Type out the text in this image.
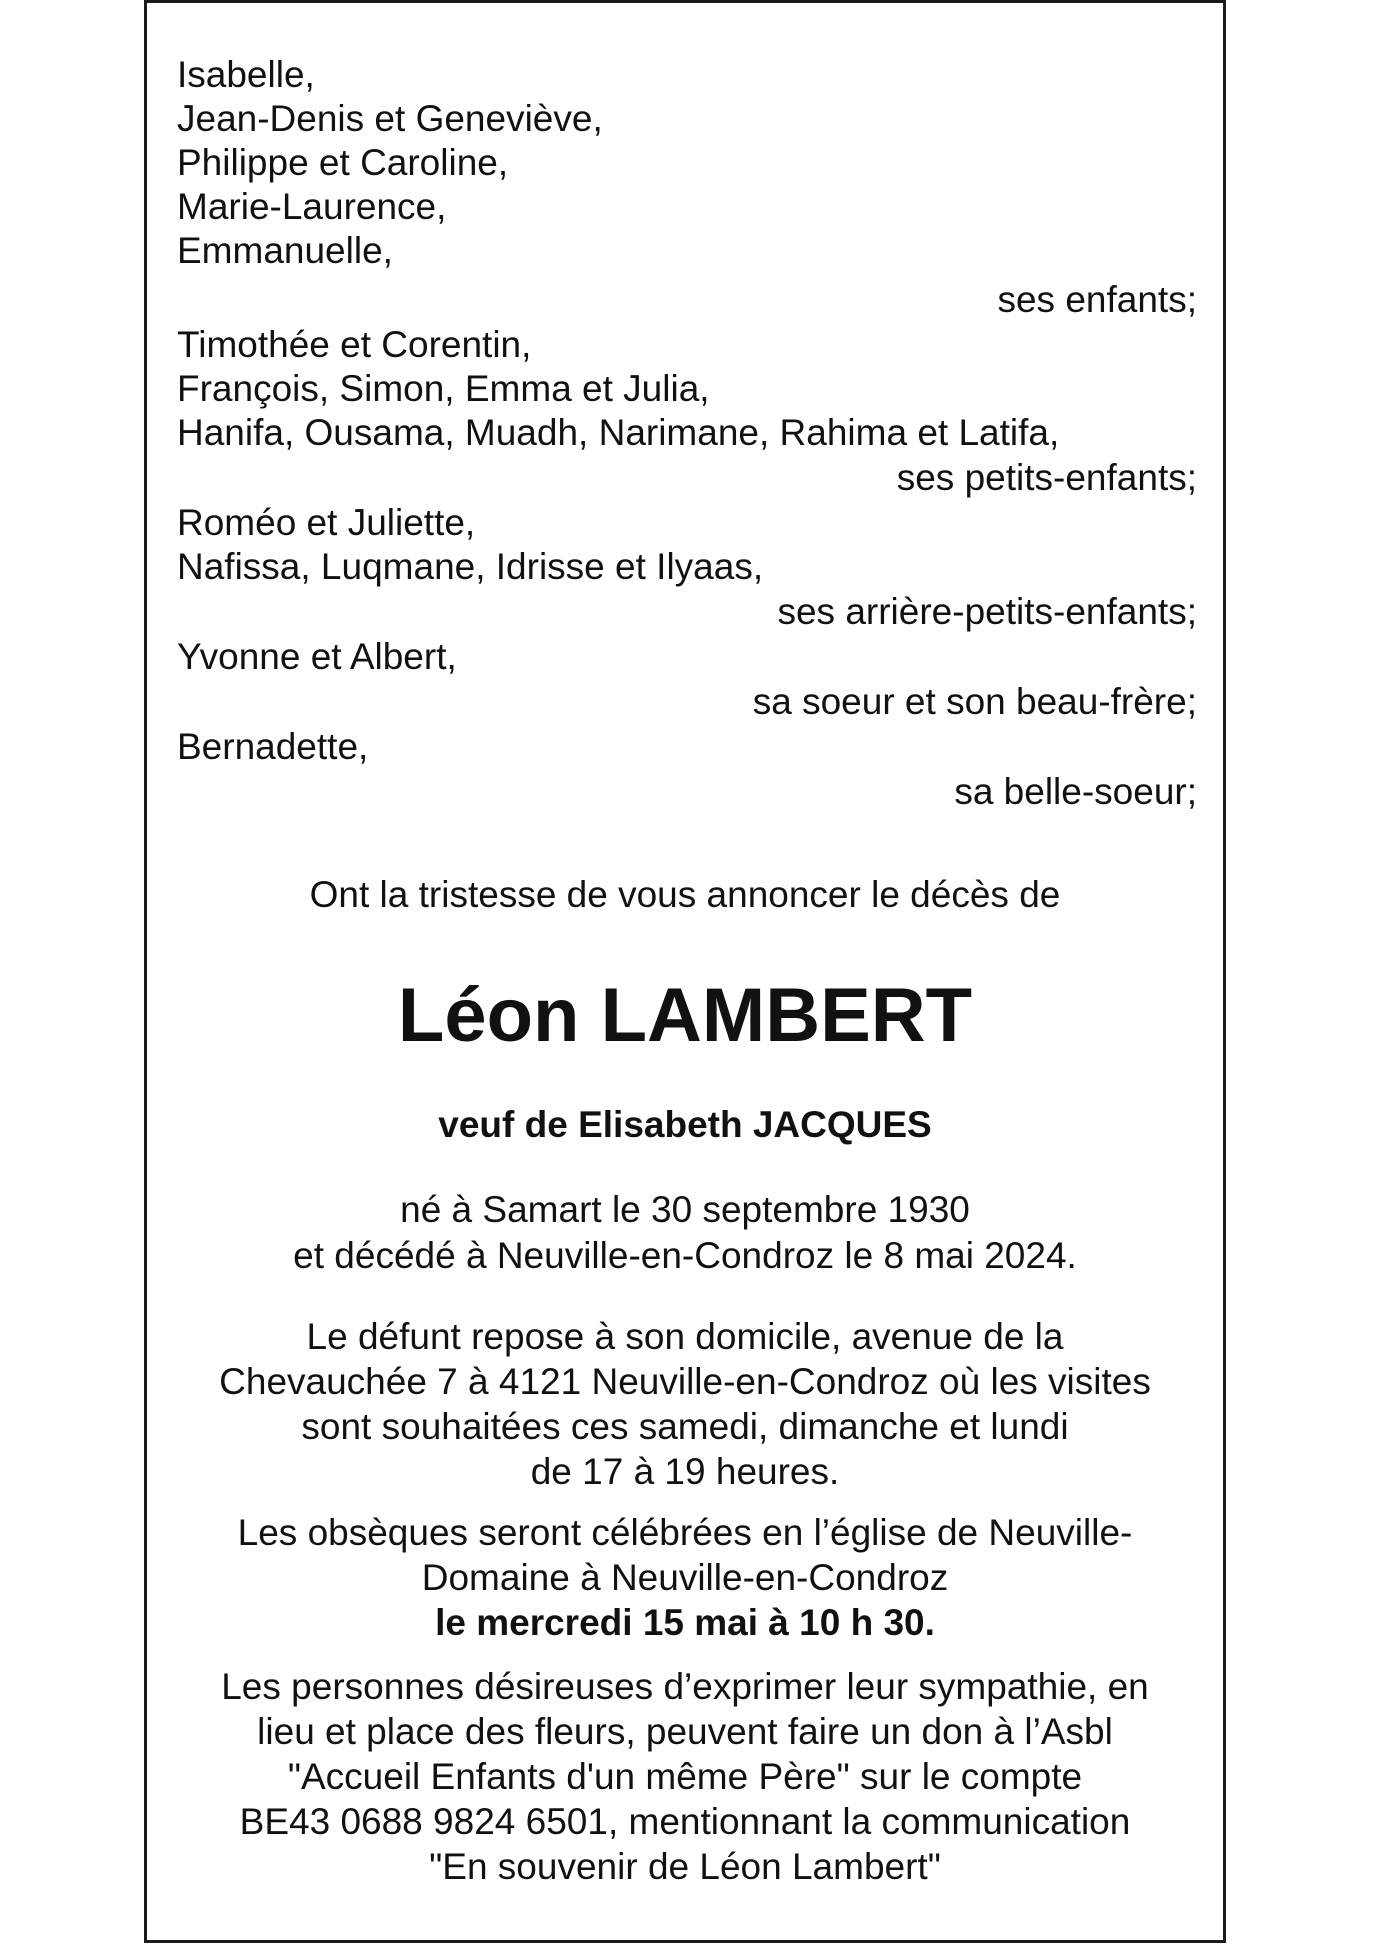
Isabelle,
Jean-Denis et Geneviève,
Philippe et Caroline,
Marie-Laurence,
Emmanuelle,
ses enfants;
Timothée et Corentin,
François, Simon, Emma et Julia,
Hanifa, Ousama, Muadh, Narimane, Rahima et Latifa,
ses petits-enfants;
Roméo et Juliette,
Nafissa, Luqmane, Idrisse et Ilyaas,
ses arrière-petits-enfants;
Yvonne et Albert,
sa soeur et son beau-frère;
Bernadette,
sa belle-soeur;
Ont la tristesse de vous annoncer le décès de
Léon LAMBERT
veuf de Elisabeth JACQUES
né à Samart le 30 septembre 1930
et décédé à Neuville-en-Condroz le 8 mai 2024.
Le défunt repose à son domicile, avenue de la
Chevauchée 7 à 4121 Neuville-en-Condroz où les visites
sont souhaitées ces samedi, dimanche et lundi
de 17 à 19 heures.
Les obsèques seront célébrées en l’église de Neuville-
Domaine à Neuville-en-Condroz
le mercredi 15 mai à 10 h 30.
Les personnes désireuses d’exprimer leur sympathie, en
lieu et place des fleurs, peuvent faire un don à l’Asbl
"Accueil Enfants d'un même Père" sur le compte
BE43 0688 9824 6501, mentionnant la communication
"En souvenir de Léon Lambert"
